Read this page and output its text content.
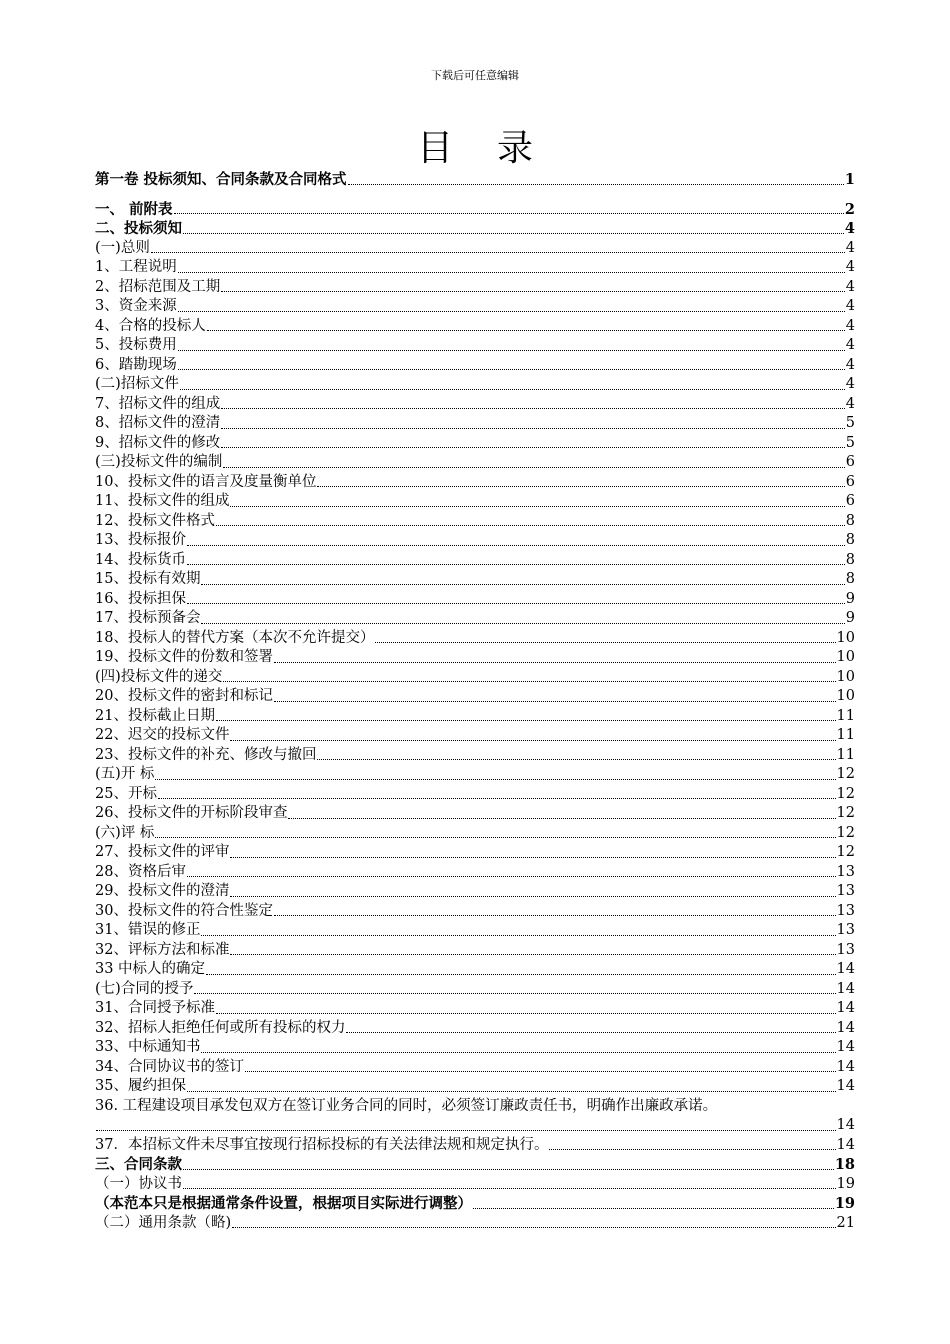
下载后可任意编辑
目录
第一卷 投标须知、合同条款及合同格式	1
一、 前附表	2
二、投标须知	4
(一)总则	4
1、工程说明	4
2、招标范围及工期	4
3、资金来源	4
4、合格的投标人	4
5、投标费用	4
6、踏勘现场	4
(二)招标文件	4
7、招标文件的组成	4
8、招标文件的澄清	5
9、招标文件的修改	5
(三)投标文件的编制	6
10、投标文件的语言及度量衡单位	6
11、投标文件的组成	6
12、投标文件格式	8
13、投标报价	8
14、投标货币	8
15、投标有效期	8
16、投标担保	9
17、投标预备会	9
18、投标人的替代方案（本次不允许提交）	10
19、投标文件的份数和签署	10
(四)投标文件的递交	10
20、投标文件的密封和标记	10
21、投标截止日期	11
22、迟交的投标文件	11
23、投标文件的补充、修改与撤回	11
(五)开 标	12
25、开标	12
26、投标文件的开标阶段审查	12
(六)评 标	12
27、投标文件的评审	12
28、资格后审	13
29、投标文件的澄清	13
30、投标文件的符合性鉴定	13
31、错误的修正	13
32、评标方法和标准	13
33 中标人的确定	14
(七)合同的授予	14
31、合同授予标准	14
32、招标人拒绝任何或所有投标的权力	14
33、中标通知书	14
34、合同协议书的签订	14
35、履约担保	14
36. 工程建设项目承发包双方在签订业务合同的同时，必须签订廉政责任书，明确作出廉政承诺。
14
37．本招标文件未尽事宜按现行招标投标的有关法律法规和规定执行。	14
三、合同条款	18
（一）协议书	19
（本范本只是根据通常条件设置，根据项目实际进行调整）	19
（二）通用条款（略)	21
